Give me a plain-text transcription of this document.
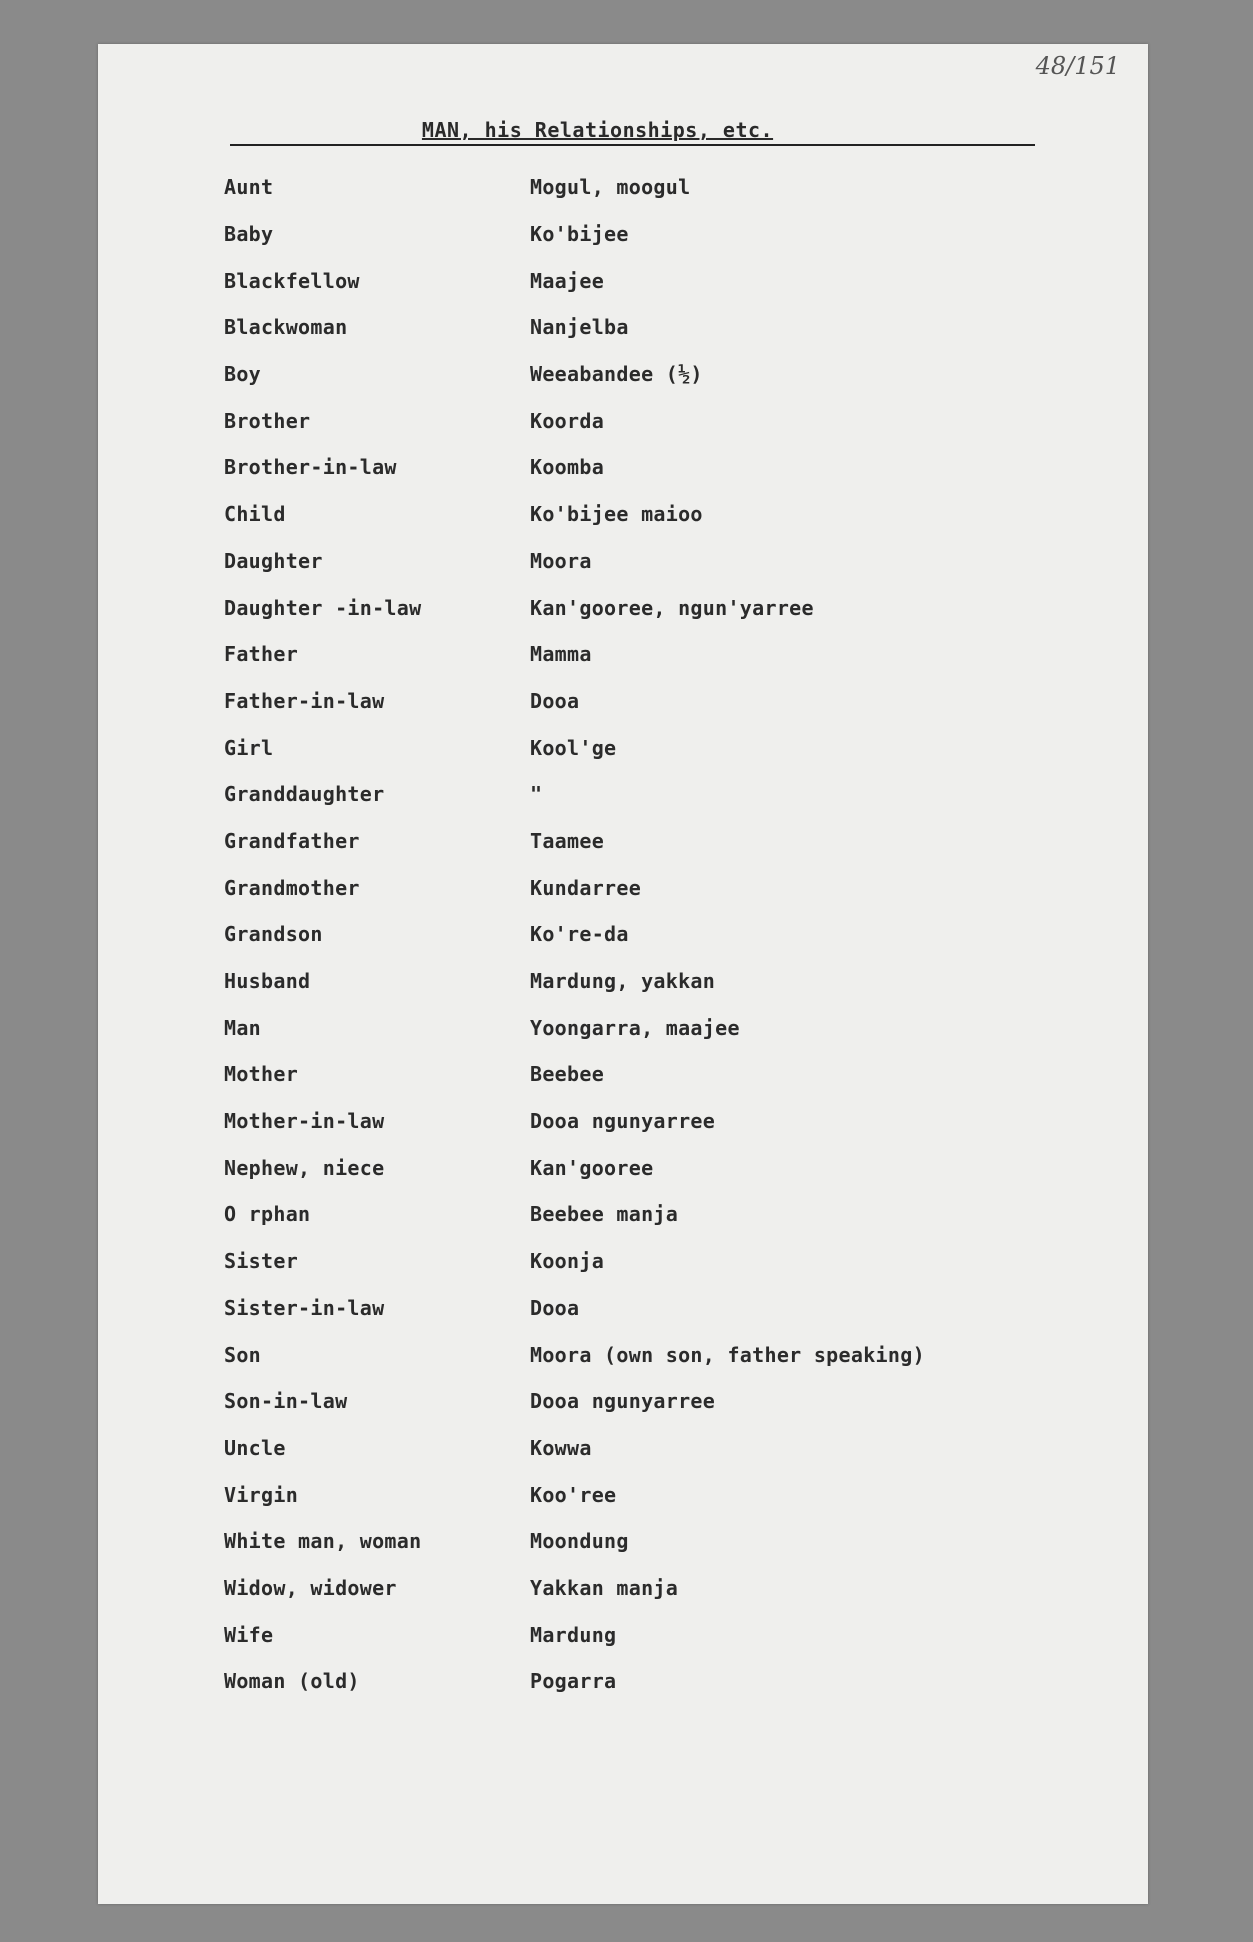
48/151
MAN, his Relationships, etc.
Aunt	Mogul, moogul
Baby	Ko'bijee
Blackfellow	Maajee
Blackwoman	Nanjelba
Boy	Weeabandee (½)
Brother	Koorda
Brother-in-law	Koomba
Child	Ko'bijee maioo
Daughter	Moora
Daughter -in-law	Kan'gooree, ngun'yarree
Father	Mamma
Father-in-law	Dooa
Girl	Kool'ge
Granddaughter	"
Grandfather	Taamee
Grandmother	Kundarree
Grandson	Ko're-da
Husband	Mardung, yakkan
Man	Yoongarra, maajee
Mother	Beebee
Mother-in-law	Dooa ngunyarree
Nephew, niece	Kan'gooree
O rphan	Beebee manja
Sister	Koonja
Sister-in-law	Dooa
Son	Moora (own son, father speaking)
Son-in-law	Dooa ngunyarree
Uncle	Kowwa
Virgin	Koo'ree
White man, woman	Moondung
Widow, widower	Yakkan manja
Wife	Mardung
Woman (old)	Pogarra
